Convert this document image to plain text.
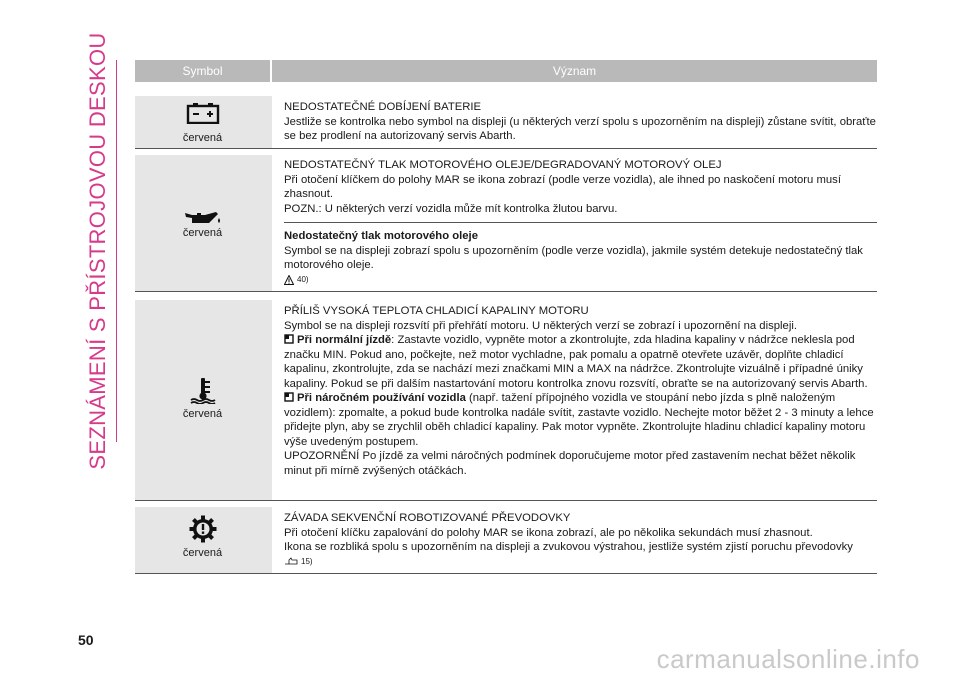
SEZNÁMENÍ S PŘÍSTROJOVOU DESKOU	Symbol	Význam
červená

NEDOSTATEČNÉ DOBÍJENÍ BATERIE

Jestliže se kontrolka nebo symbol na displeji (u některých verzí spolu s upozorněním na displeji) zůstane svítit, obraťte se bez prodlení na autorizovaný servis Abarth.

červená

NEDOSTATEČNÝ TLAK MOTOROVÉHO OLEJE/DEGRADOVANÝ MOTOROVÝ OLEJ

Při otočení klíčkem do polohy MAR se ikona zobrazí (podle verze vozidla), ale ihned po naskočení motoru musí zhasnout.

POZN.: U některých verzí vozidla může mít kontrolka žlutou barvu.

Nedostatečný tlak motorového oleje

Symbol se na displeji zobrazí spolu s upozorněním (podle verze vozidla), jakmile systém detekuje nedostatečný tlak motorového oleje.

40)
červená

PŘÍLIŠ VYSOKÁ TEPLOTA CHLADICÍ KAPALINY MOTORU

Symbol se na displeji rozsvítí při přehřátí motoru. U některých verzí se zobrazí i upozornění na displeji.

Při normální jízdě: Zastavte vozidlo, vypněte motor a zkontrolujte, zda hladina kapaliny v nádržce neklesla pod značku MIN. Pokud ano, počkejte, než motor vychladne, pak pomalu a opatrně otevřete uzávěr, doplňte chladicí kapalinu, zkontrolujte, zda se nachází mezi značkami MIN a MAX na nádržce. Zkontrolujte vizuálně i případné úniky kapaliny. Pokud se při dalším nastartování motoru kontrolka znovu rozsvítí, obraťte se na autorizovaný servis Abarth.

Při náročném používání vozidla (např. tažení přípojného vozidla ve stoupání nebo jízda s plně naloženým vozidlem): zpomalte, a pokud bude kontrolka nadále svítit, zastavte vozidlo. Nechejte motor běžet 2 - 3 minuty a lehce přidejte plyn, aby se zrychlil oběh chladicí kapaliny. Pak motor vypněte. Zkontrolujte hladinu chladicí kapaliny motoru výše uvedeným postupem.

UPOZORNĚNÍ Po jízdě za velmi náročných podmínek doporučujeme motor před zastavením nechat běžet několik minut při mírně zvýšených otáčkách.

červená

ZÁVADA SEKVENČNÍ ROBOTIZOVANÉ PŘEVODOVKY

Při otočení klíčku zapalování do polohy MAR se ikona zobrazí, ale po několika sekundách musí zhasnout.

Ikona se rozbliká spolu s upozorněním na displeji a zvukovou výstrahou, jestliže systém zjistí poruchu převodovky

15)
50
carmanualsonline.info
